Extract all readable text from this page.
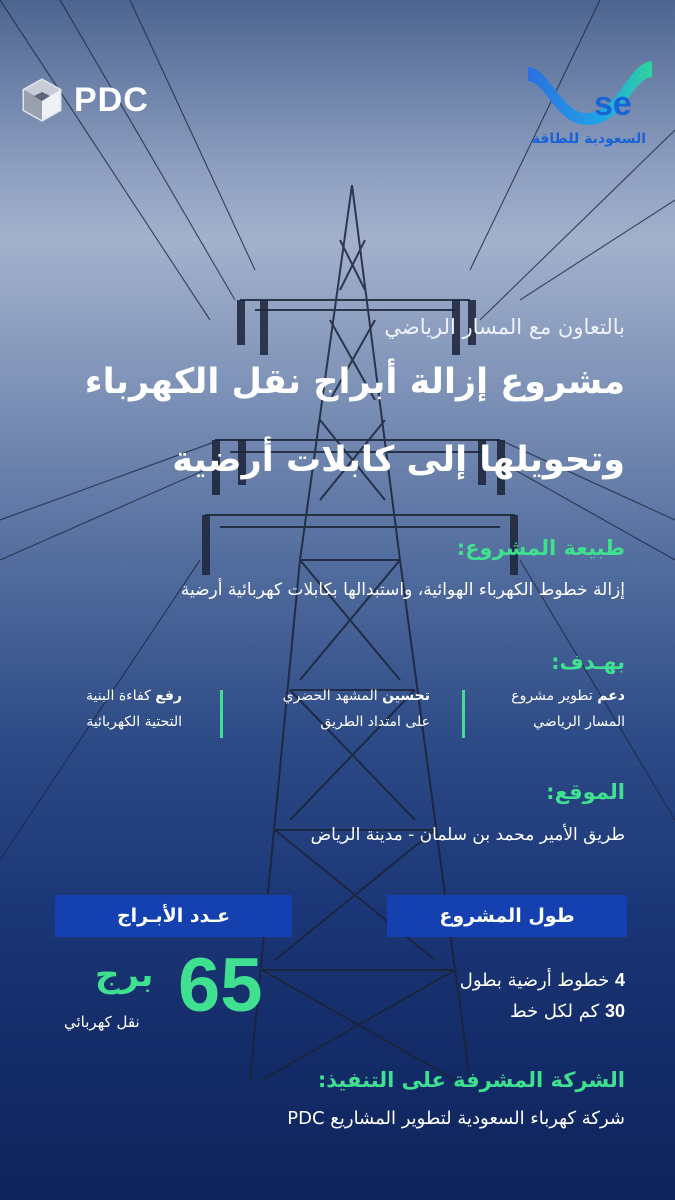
PDC	se
السعودية للطاقة
بالتعاون مع المسار الرياضي
مشروع إزالة أبراج نقل الكهرباء
وتحويلها إلى كابلات أرضية
طبيعة المشروع:
إزالة خطوط الكهرباء الهوائية، واستبدالها بكابلات كهربائية أرضية
بهـدف:
دعم تطوير مشروع
المسار الرياضي
تحسين المشهد الحضري
على امتداد الطريق
رفع كفاءة البنية
التحتية الكهربائية
الموقع:
طريق الأمير محمد بن سلمان - مدينة الرياض
طول المشروع
عـدد الأبـراج
4 خطوط أرضية بطول
30 كم لكل خط
65
برج
نقل كهربائي
الشركة المشرفة على التنفيذ:
شركة كهرباء السعودية لتطوير المشاريع PDC
